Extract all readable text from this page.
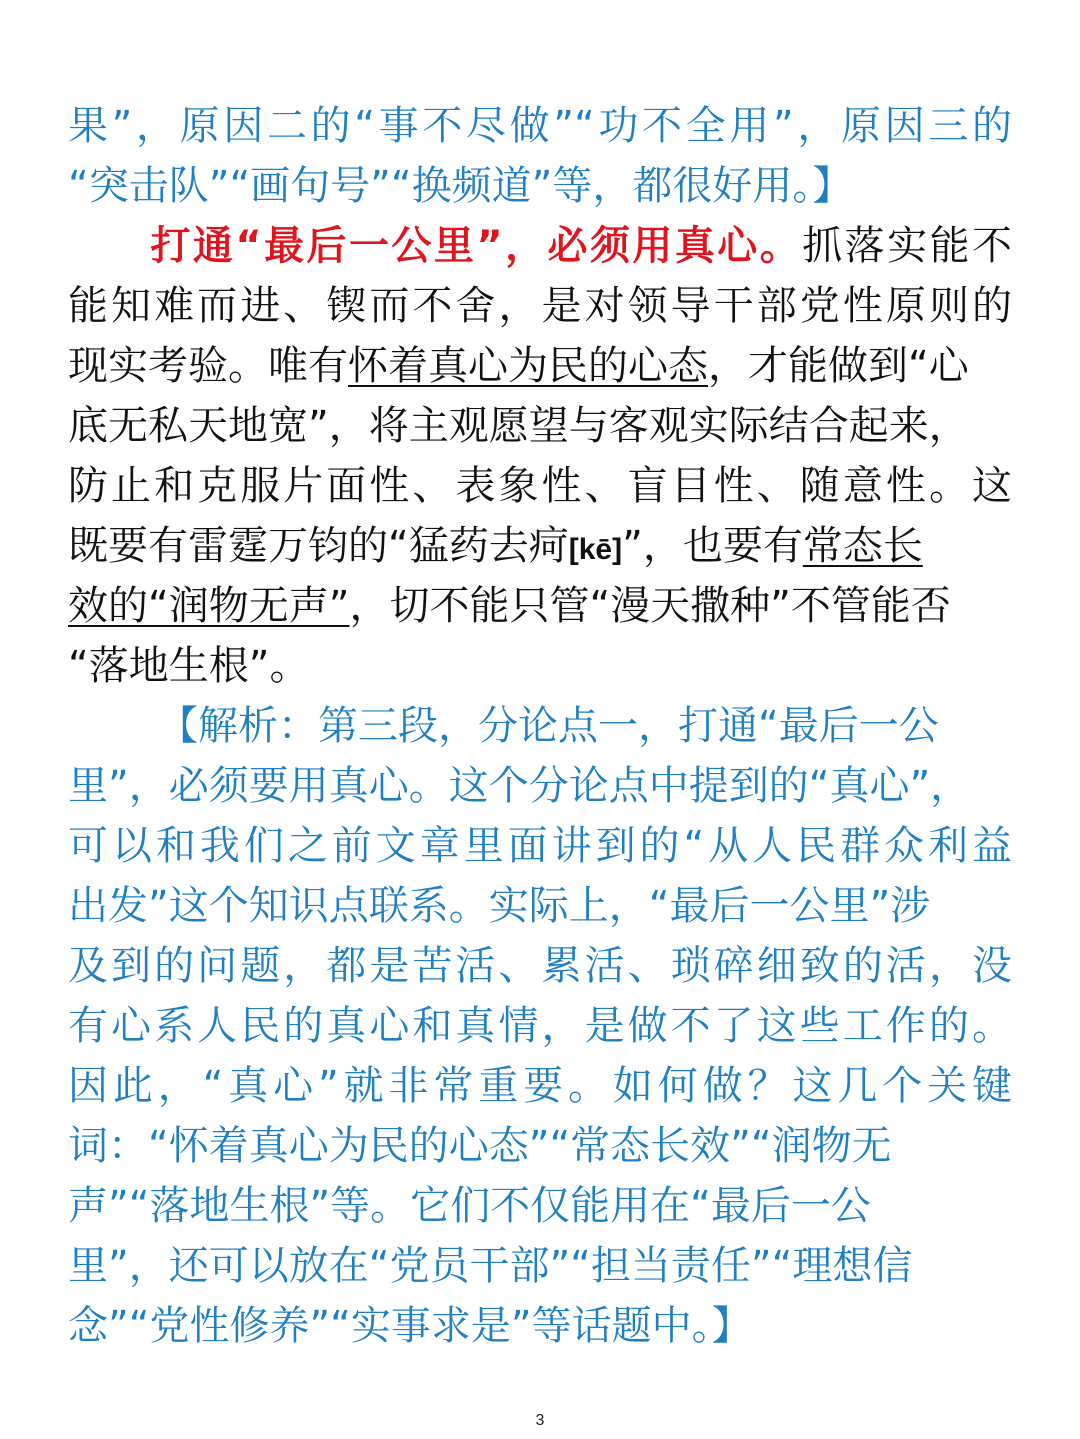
果”，原因二的“事不尽做”“功不全用”，原因三的
“突击队”“画句号”“换频道”等，都很好用。】
打通“最后一公里”，必须用真心。抓落实能不
能知难而进、锲而不舍，是对领导干部党性原则的
现实考验。唯有怀着真心为民的心态，才能做到“心
底无私天地宽”，将主观愿望与客观实际结合起来，
防止和克服片面性、表象性、盲目性、随意性。这
既要有雷霆万钧的“猛药去疴[kē]”，也要有常态长
效的“润物无声”，切不能只管“漫天撒种”不管能否
“落地生根”。
【解析：第三段，分论点一，打通“最后一公
里”，必须要用真心。这个分论点中提到的“真心”，
可以和我们之前文章里面讲到的“从人民群众利益
出发”这个知识点联系。实际上，“最后一公里”涉
及到的问题，都是苦活、累活、琐碎细致的活，没
有心系人民的真心和真情，是做不了这些工作的。
因此，“真心”就非常重要。如何做？这几个关键
词：“怀着真心为民的心态”“常态长效”“润物无
声”“落地生根”等。它们不仅能用在“最后一公
里”，还可以放在“党员干部”“担当责任”“理想信
念”“党性修养”“实事求是”等话题中。】
3
